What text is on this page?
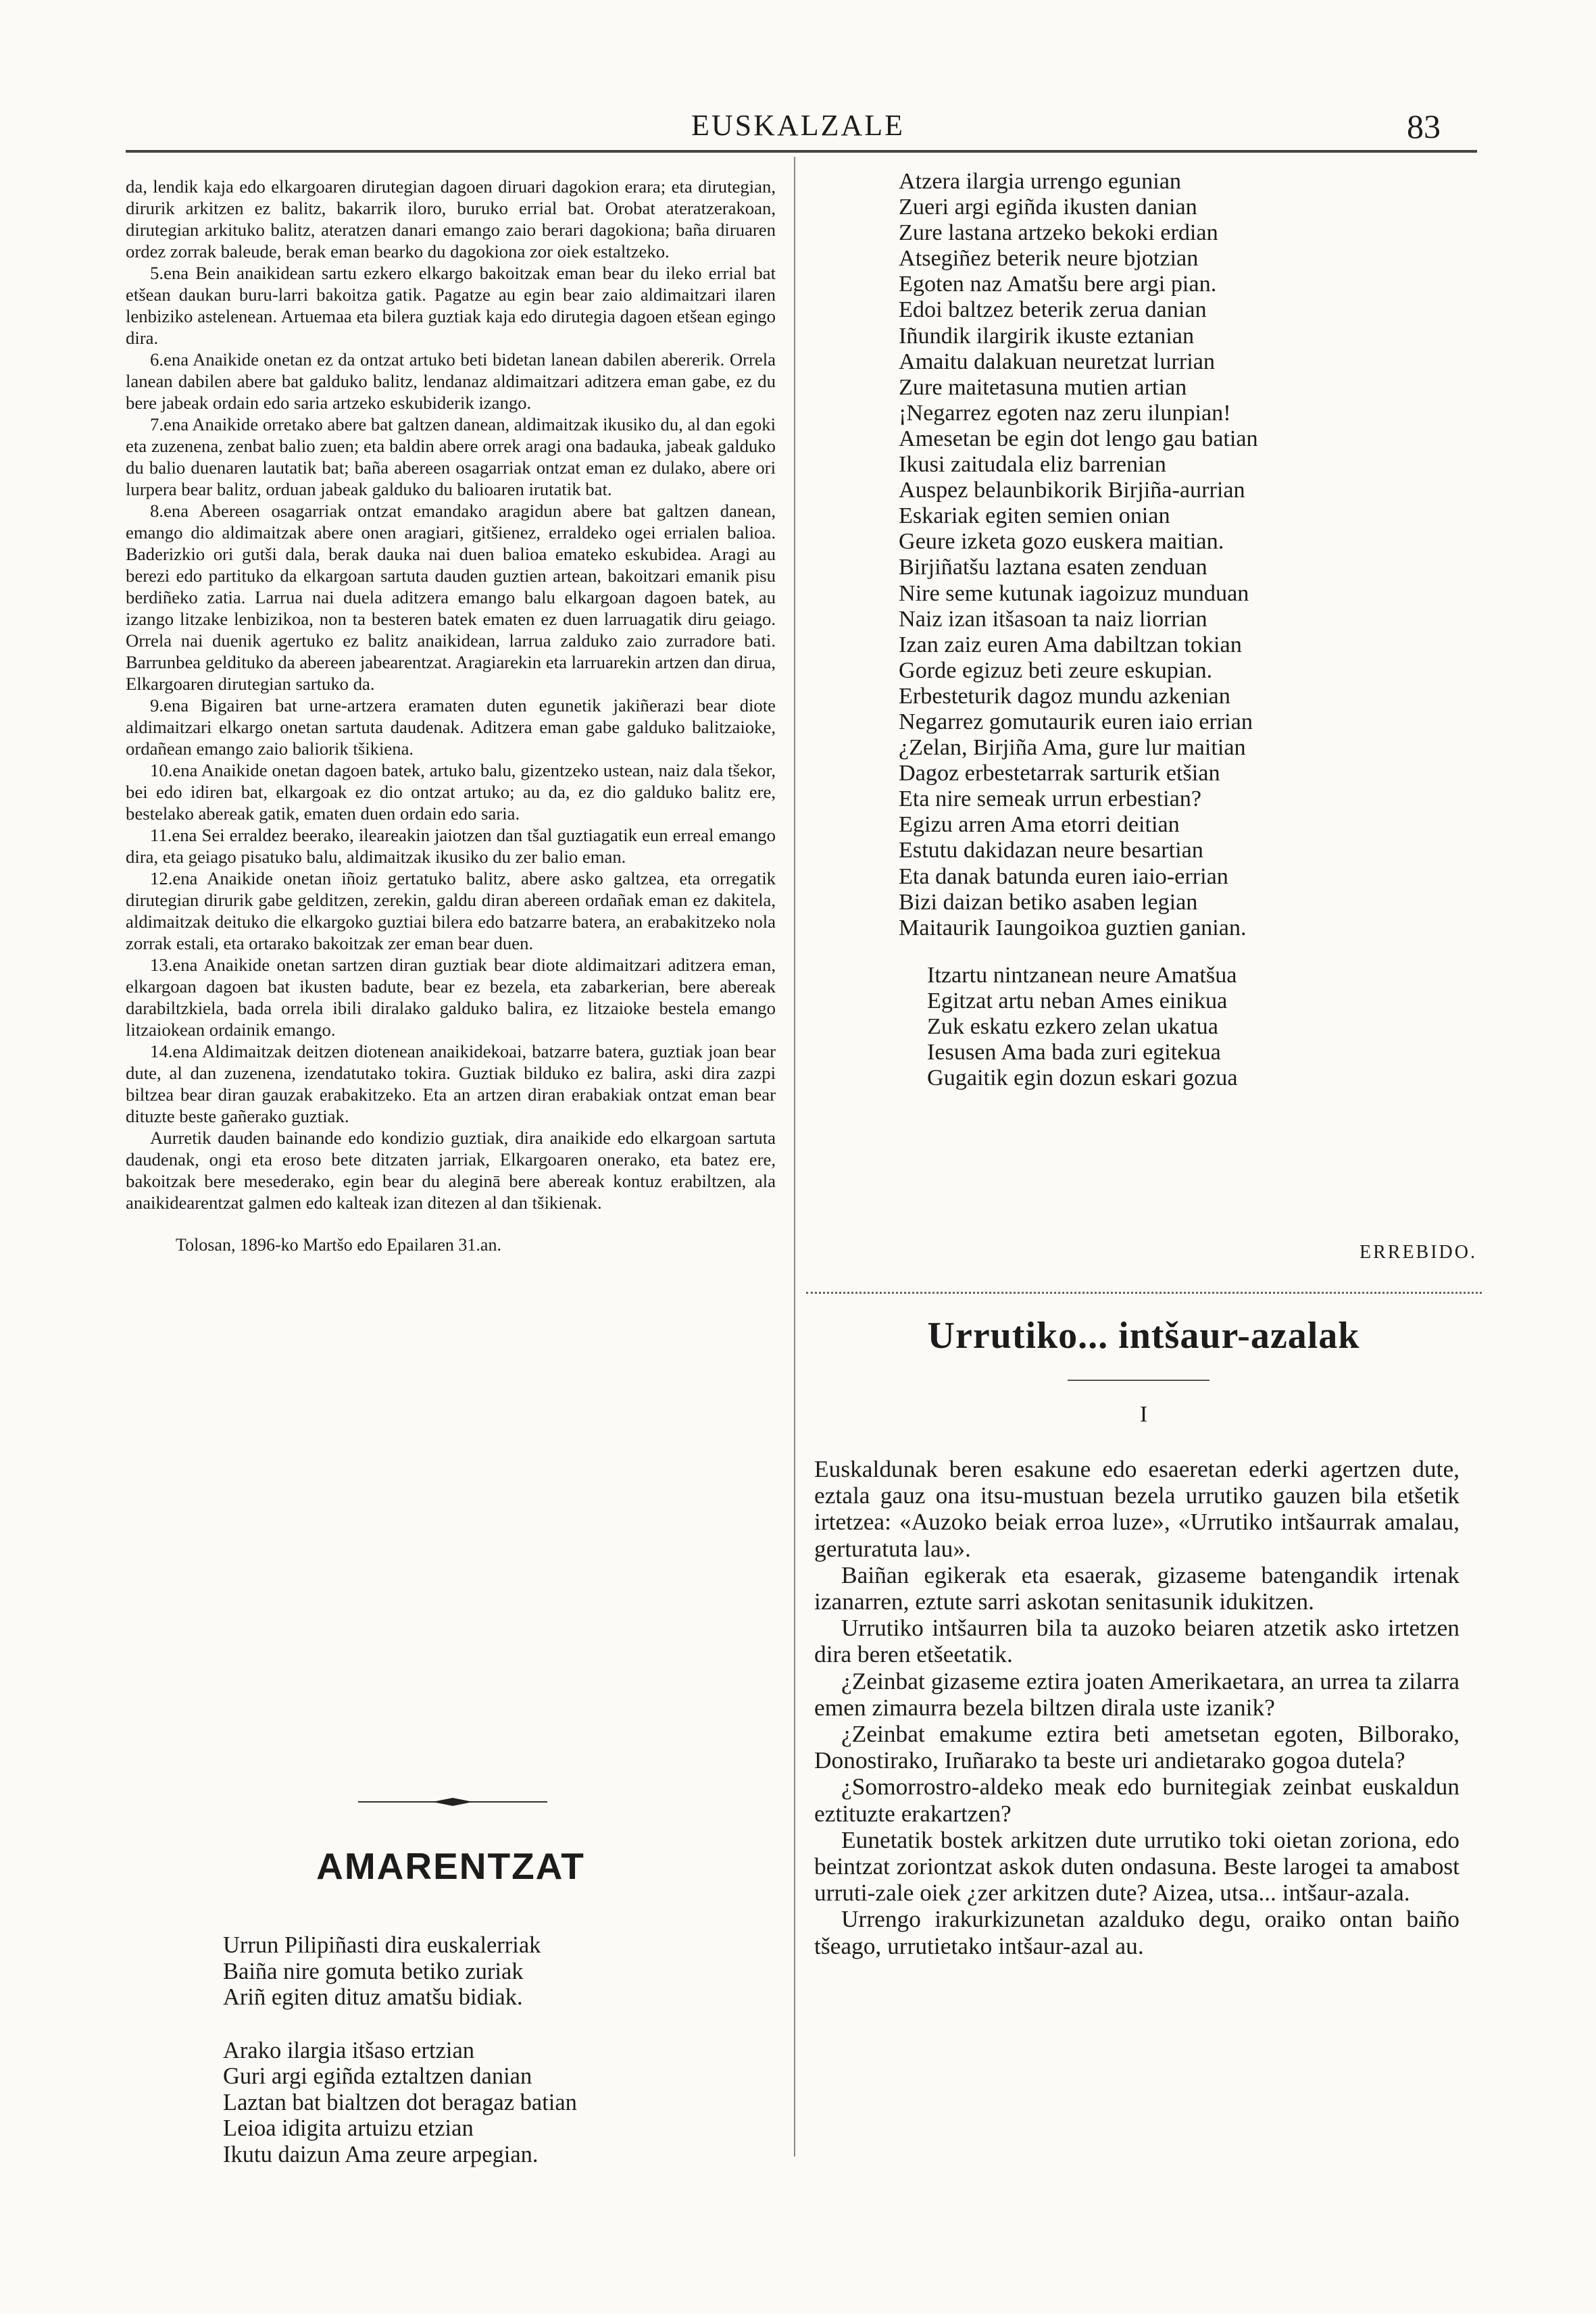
EUSKALZALE	83

da, lendik kaja edo elkargoaren dirutegian dagoen diruari dagokion erara; eta dirutegian, dirurik arkitzen ez balitz, bakarrik iloro, buruko errial bat. Orobat ateratzerakoan, dirutegian arkituko balitz, ateratzen danari emango zaio berari dagokiona; baña diruaren ordez zorrak baleude, berak eman bearko du dagokiona zor oiek estaltzeko.

5.ena Bein anaikidean sartu ezkero elkargo bakoitzak eman bear du ileko errial bat etšean daukan buru-larri bakoitza gatik. Pagatze au egin bear zaio aldimaitzari ilaren lenbiziko astelenean. Artuemaa eta bilera guztiak kaja edo dirutegia dagoen etšean egingo dira.

6.ena Anaikide onetan ez da ontzat artuko beti bidetan lanean dabilen abererik. Orrela lanean dabilen abere bat galduko balitz, lendanaz aldimaitzari aditzera eman gabe, ez du bere jabeak ordain edo saria artzeko eskubiderik izango.

7.ena Anaikide orretako abere bat galtzen danean, aldimaitzak ikusiko du, al dan egoki eta zuzenena, zenbat balio zuen; eta baldin abere orrek aragi ona badauka, jabeak galduko du balio duenaren lautatik bat; baña abereen osagarriak ontzat eman ez dulako, abere ori lurpera bear balitz, orduan jabeak galduko du balioaren irutatik bat.

8.ena Abereen osagarriak ontzat emandako aragidun abere bat galtzen danean, emango dio aldimaitzak abere onen aragiari, gitšienez, erraldeko ogei errialen balioa. Baderizkio ori gutši dala, berak dauka nai duen balioa emateko eskubidea. Aragi au berezi edo partituko da elkargoan sartuta dauden guztien artean, bakoitzari emanik pisu berdiñeko zatia. Larrua nai duela aditzera emango balu elkargoan dagoen batek, au izango litzake lenbizikoa, non ta besteren batek ematen ez duen larruagatik diru geiago. Orrela nai duenik agertuko ez balitz anaikidean, larrua zalduko zaio zurradore bati. Barrunbea geldituko da abereen jabearentzat. Aragiarekin eta larruarekin artzen dan dirua, Elkargoaren dirutegian sartuko da.

9.ena Bigairen bat urne-artzera eramaten duten egunetik jakiñerazi bear diote aldimaitzari elkargo onetan sartuta daudenak. Aditzera eman gabe galduko balitzaioke, ordañean emango zaio baliorik tšikiena.

10.ena Anaikide onetan dagoen batek, artuko balu, gizentzeko ustean, naiz dala tšekor, bei edo idiren bat, elkargoak ez dio ontzat artuko; au da, ez dio galduko balitz ere, bestelako abereak gatik, ematen duen ordain edo saria.

11.ena Sei erraldez beerako, ileareakin jaiotzen dan tšal guztiagatik eun erreal emango dira, eta geiago pisatuko balu, aldimaitzak ikusiko du zer balio eman.

12.ena Anaikide onetan iñoiz gertatuko balitz, abere asko galtzea, eta orregatik dirutegian dirurik gabe gelditzen, zerekin, galdu diran abereen ordañak eman ez dakitela, aldimaitzak deituko die elkargoko guztiai bilera edo batzarre batera, an erabakitzeko nola zorrak estali, eta ortarako bakoitzak zer eman bear duen.

13.ena Anaikide onetan sartzen diran guztiak bear diote aldimaitzari aditzera eman, elkargoan dagoen bat ikusten badute, bear ez bezela, eta zabarkerian, bere abereak darabiltzkiela, bada orrela ibili diralako galduko balira, ez litzaioke bestela emango litzaiokean ordainik emango.

14.ena Aldimaitzak deitzen diotenean anaikidekoai, batzarre batera, guztiak joan bear dute, al dan zuzenena, izendatutako tokira. Guztiak bilduko ez balira, aski dira zazpi biltzea bear diran gauzak erabakitzeko. Eta an artzen diran erabakiak ontzat eman bear dituzte beste gañerako guztiak.

Aurretik dauden bainande edo kondizio guztiak, dira anaikide edo elkargoan sartuta daudenak, ongi eta eroso bete ditzaten jarriak, Elkargoaren onerako, eta batez ere, bakoitzak bere mesederako, egin bear du aleginā bere abereak kontuz erabiltzen, ala anaikidearentzat galmen edo kalteak izan ditezen al dan tšikienak.

Tolosan, 1896-ko Martšo edo Epailaren 31.an.
AMARENTZAT
Urrun Pilipiñasti dira euskalerriak
Baiña nire gomuta betiko zuriak
Ariñ egiten dituz amatšu bidiak.
Arako ilargia itšaso ertzian
Guri argi egiñda eztaltzen danian
Laztan bat bialtzen dot beragaz batian
Leioa idigita artuizu etzian
Ikutu daizun Ama zeure arpegian.
Atzera ilargia urrengo egunian
Zueri argi egiñda ikusten danian
Zure lastana artzeko bekoki erdian
Atsegiñez beterik neure bjotzian
Egoten naz Amatšu bere argi pian.
Edoi baltzez beterik zerua danian
Iñundik ilargirik ikuste eztanian
Amaitu dalakuan neuretzat lurrian
Zure maitetasuna mutien artian
¡Negarrez egoten naz zeru ilunpian!
Amesetan be egin dot lengo gau batian
Ikusi zaitudala eliz barrenian
Auspez belaunbikorik Birjiña-aurrian
Eskariak egiten semien onian
Geure izketa gozo euskera maitian.
Birjiñatšu laztana esaten zenduan
Nire seme kutunak iagoizuz munduan
Naiz izan itšasoan ta naiz liorrian
Izan zaiz euren Ama dabiltzan tokian
Gorde egizuz beti zeure eskupian.
Erbesteturik dagoz mundu azkenian
Negarrez gomutaurik euren iaio errian
¿Zelan, Birjiña Ama, gure lur maitian
Dagoz erbestetarrak sarturik etšian
Eta nire semeak urrun erbestian?
Egizu arren Ama etorri deitian
Estutu dakidazan neure besartian
Eta danak batunda euren iaio-errian
Bizi daizan betiko asaben legian
Maitaurik Iaungoikoa guztien ganian.
Itzartu nintzanean neure Amatšua
Egitzat artu neban Ames einikua
Zuk eskatu ezkero zelan ukatua
Iesusen Ama bada zuri egitekua
Gugaitik egin dozun eskari gozua
ERREBIDO.
Urrutiko... intšaur-azalak
I

Euskaldunak beren esakune edo esaeretan ederki agertzen dute, eztala gauz ona itsu-mustuan bezela urrutiko gauzen bila etšetik irtetzea: «Auzoko beiak erroa luze», «Urrutiko intšaurrak amalau, gerturatuta lau».

Baiñan egikerak eta esaerak, gizaseme batengandik irtenak izanarren, eztute sarri askotan senitasunik idukitzen.

Urrutiko intšaurren bila ta auzoko beiaren atzetik asko irtetzen dira beren etšeetatik.

¿Zeinbat gizaseme eztira joaten Amerikaetara, an urrea ta zilarra emen zimaurra bezela biltzen dirala uste izanik?

¿Zeinbat emakume eztira beti ametsetan egoten, Bilborako, Donostirako, Iruñarako ta beste uri andietarako gogoa dutela?

¿Somorrostro-aldeko meak edo burnitegiak zeinbat euskaldun eztituzte erakartzen?

Eunetatik bostek arkitzen dute urrutiko toki oietan zoriona, edo beintzat zoriontzat askok duten ondasuna. Beste larogei ta amabost urruti-zale oiek ¿zer arkitzen dute? Aizea, utsa... intšaur-azala.

Urrengo irakurkizunetan azalduko degu, oraiko ontan baiño tšeago, urrutietako intšaur-azal au.
